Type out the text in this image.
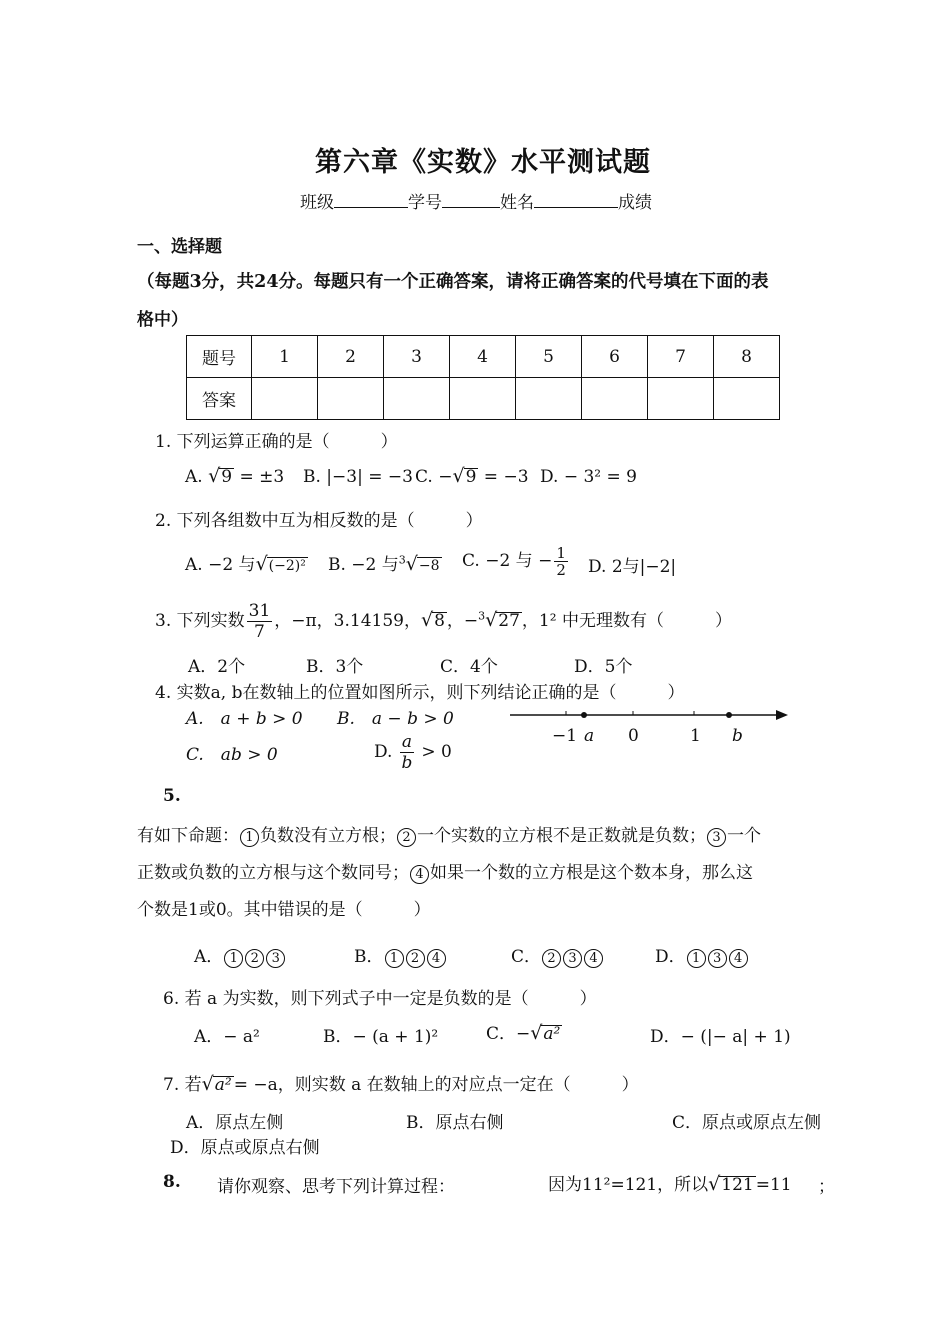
第六章《实数》水平测试题
班级	学号	姓名	成绩
一、选择题
（每题3分，共24分。每题只有一个正确答案，请将正确答案的代号填在下面的表
格中）
题号	1	2	3	4	5	6	7	8
答案								
1. 下列运算正确的是（　　　）
A. √9 = ±3 B. |−3| = −3 C. −√9 = −3 D. − 3² = 9
2. 下列各组数中互为相反数的是（　　　）
A. −2 与√(−2)² B. −2 与$^3$√−8 C. −2 与 − $\frac{1}{2} D$. 2与|−2|
3. 下列实数 $\frac{31}{7}$ ，−π，3.14159，√8 ，−$^3$√27 ，1² 中无理数有（　　　）
A．2个	B．3个	C．4个	D．5个
4. 实数a, b在数轴上的位置如图所示，则下列结论正确的是（　　　）
A.　a + b > 0 B.　a − b > 0
C.　ab > 0	D. $\frac{a}{b} > 0$
−1 a 0	1 b
5.
有如下命题： 1 负数没有立方根； 2 一个实数的立方根不是正数就是负数； 3 一个
正数或负数的立方根与这个数同号； 4 如果一个数的立方根是这个数本身，那么这
个数是1或0。其中错误的是（　　　）
A． 1 2 3	B． 1 2 4	C． 2 3 4	D． 1 3 4
6. 若 a 为实数，则下列式子中一定是负数的是（　　　）
A．− a²	B．− (a + 1)²	C．−√a²	D．− (|− a| + 1)
7. 若√a² = −a，则实数 a 在数轴上的对应点一定在（　　　）
A．原点左侧	B．原点右侧	C．原点或原点左侧
D．原点或原点右侧
8. 请你观察、思考下列计算过程：	因为11²=121，所以√121 =11 ；
